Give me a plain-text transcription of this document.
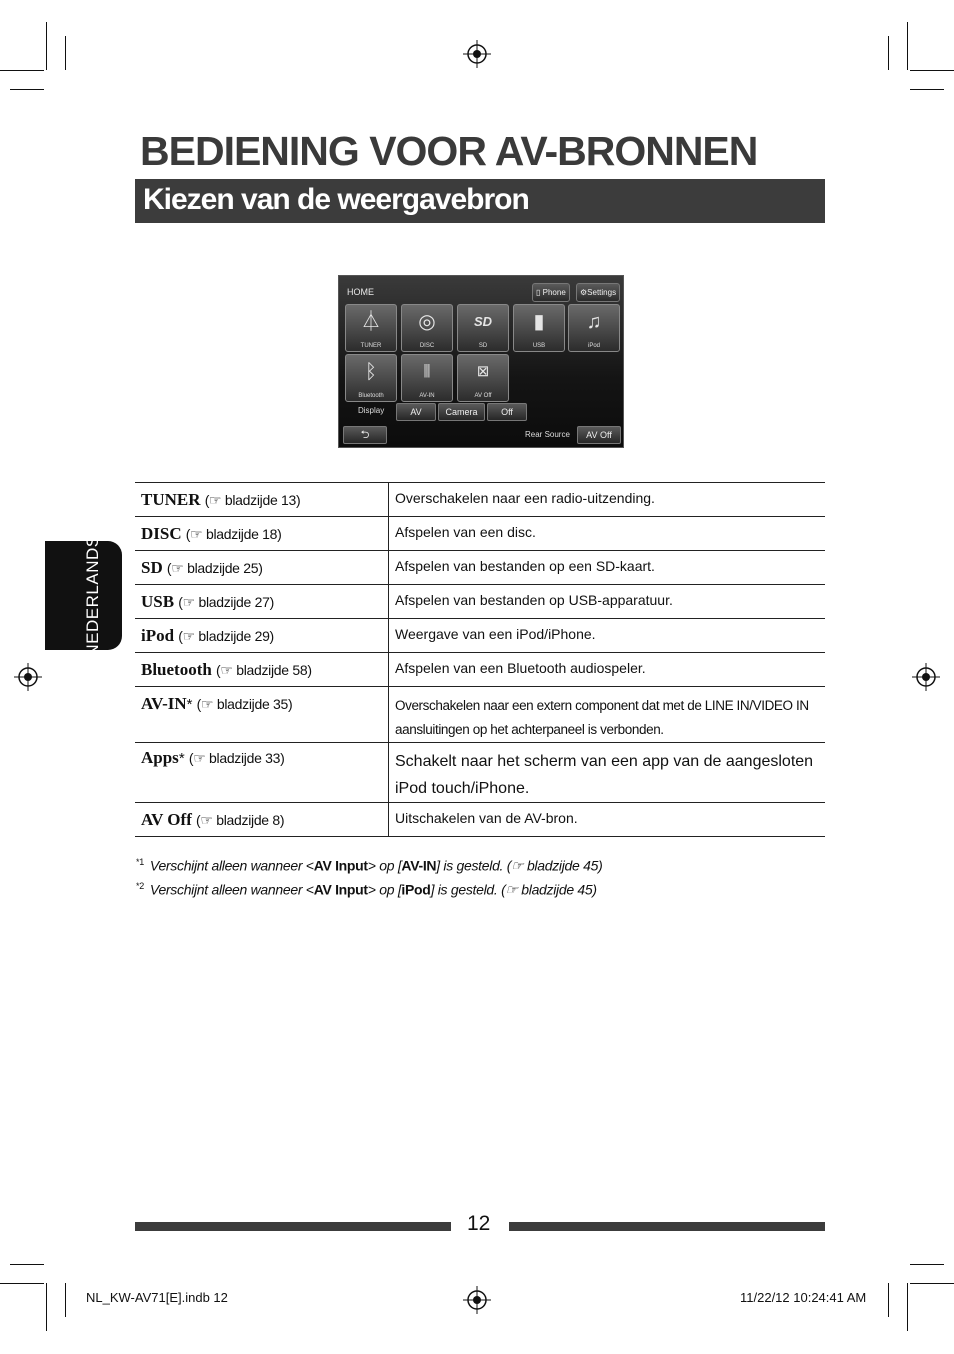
BEDIENING VOOR AV-BRONNEN
Kiezen van de weergavebron
NEDERLANDS
HOME	▯ Phone	⚙Settings
⏃
TUNER
◎
DISC
SD
SD
▮
USB
♫
iPod
ᛒ
Bluetooth
⫼
AV-IN
⊠
AV Off
Display	AV	Camera	Off
⮌	Rear Source	AV Off
TUNER (☞ bladzijde 13)	Overschakelen naar een radio-uitzending.
DISC (☞ bladzijde 18)	Afspelen van een disc.
SD (☞ bladzijde 25)	Afspelen van bestanden op een SD-kaart.
USB (☞ bladzijde 27)	Afspelen van bestanden op USB-apparatuur.
iPod (☞ bladzijde 29)	Weergave van een iPod/iPhone.
Bluetooth (☞ bladzijde 58)	Afspelen van een Bluetooth audiospeler.
AV-IN* (☞ bladzijde 35)	Overschakelen naar een extern component dat met de LINE IN/VIDEO IN aansluitingen op het achterpaneel is verbonden.
Apps* (☞ bladzijde 33)	Schakelt naar het scherm van een app van de aangesloten iPod touch/iPhone.
AV Off (☞ bladzijde 8)	Uitschakelen van de AV-bron.
$^{*1}$ Verschijnt alleen wanneer <AV Input> op [AV-IN] is gesteld. (☞ bladzijde 45)
$^{*2}$ Verschijnt alleen wanneer <AV Input> op [iPod] is gesteld. (☞ bladzijde 45)
12
NL_KW-AV71[E].indb 12	11/22/12 10:24:41 AM
